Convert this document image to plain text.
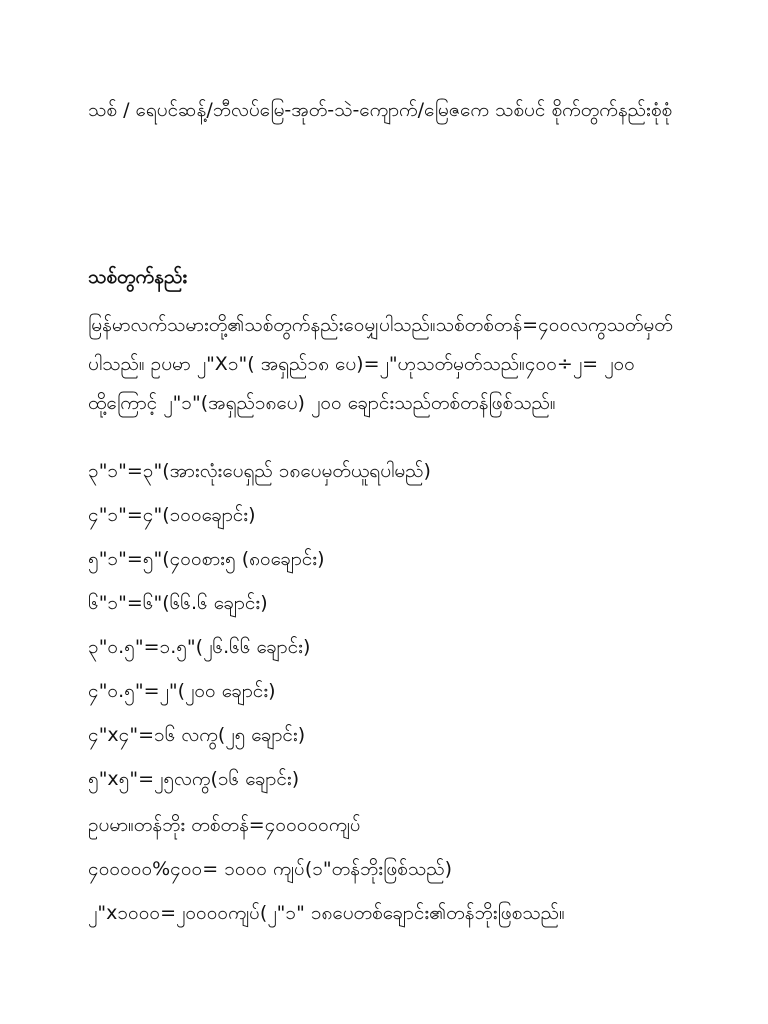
သစ် / ရေပင်ဆန့်/ဘီလပ်မြေ-အုတ်-သဲ-ကျောက်/မြေဇကေ သစ်ပင် စိုက်တွက်နည်းစုံစုံ
သစ်တွက်နည်း

မြန်မာလက်သမားတို့၏သစ်တွက်နည်းဝေမျှပါသည်။သစ်တစ်တန်=၄၀၀လကွသတ်မှတ်ပါသည်။ ဥပမာ ၂"X၁"( အရှည်၁၈ ပေ)=၂"ဟုသတ်မှတ်သည်။၄၀၀÷၂= ၂၀၀ ထို့ကြောင့် ၂"၁"(အရှည်၁၈ပေ) ၂၀၀ ချောင်းသည်တစ်တန်ဖြစ်သည်။

၃"၁"=၃"(အားလုံးပေရှည် ၁၈ပေမှတ်ယူရပါမည်)

၄"၁"=၄"(၁၀၀ချောင်း)

၅"၁"=၅"(၄၀၀စား၅ (၈၀ချောင်း)

၆"၁"=၆"(၆၆.၆ ချောင်း)

၃"၀.၅"=၁.၅"(၂၆.၆၆ ချောင်း)

၄"၀.၅"=၂"(၂၀၀ ချောင်း)

၄"x၄"=၁၆ လကွ(၂၅ ချောင်း)

၅"x၅"=၂၅လကွ(၁၆ ချောင်း)

ဥပမာ။တန်ဘိုး တစ်တန်=၄၀၀၀၀၀ကျပ်

၄၀၀၀၀၀%၄၀၀= ၁၀၀၀ ကျပ်(၁"တန်ဘိုးဖြစ်သည်)

၂"x၁၀၀၀=၂၀၀၀၀ကျပ်(၂"၁" ၁၈ပေတစ်ချောင်း၏တန်ဘိုးဖြစသည်။
